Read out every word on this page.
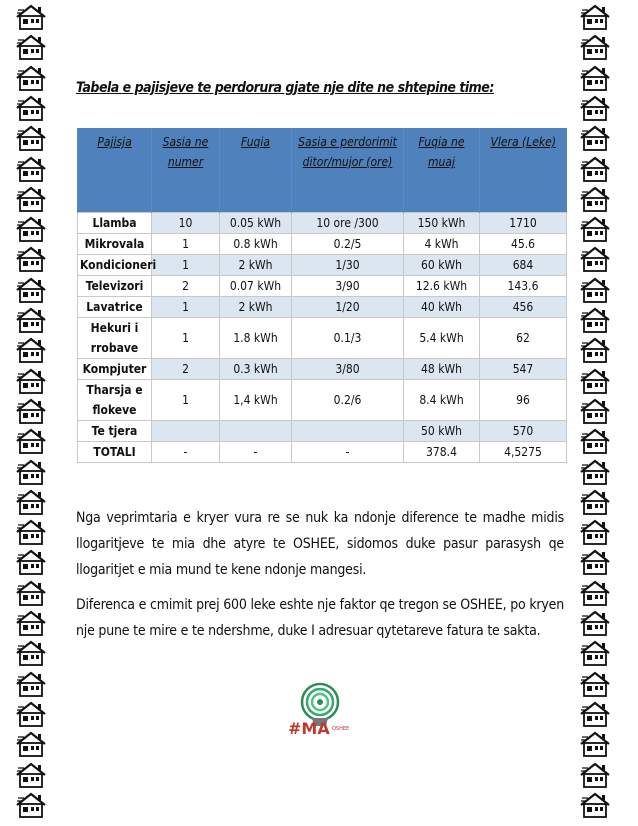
Tabela e pajisjeve te perdorura gjate nje dite ne shtepine time:
Pajisja	Sasia ne numer	Fuqia	Sasia e perdorimit ditor/mujor (ore)	Fuqia ne muaj	Vlera (Leke)
Llamba	10	0.05 kWh	10 ore /300	150 kWh	1710
Mikrovala	1	0.8 kWh	0.2/5	4 kWh	45.6
Kondicioneri	1	2 kWh	1/30	60 kWh	684
Televizori	2	0.07 kWh	3/90	12.6 kWh	143.6
Lavatrice	1	2 kWh	1/20	40 kWh	456
Hekuri i rrobave	1	1.8 kWh	0.1/3	5.4 kWh	62
Kompjuter	2	0.3 kWh	3/80	48 kWh	547
Tharsja e flokeve	1	1,4 kWh	0.2/6	8.4 kWh	96
Te tjera				50 kWh	570
TOTALI	-	-	-	378.4	4,5275
Nga veprimtaria e kryer vura re se nuk ka ndonje diference te madhe midis llogaritjeve te mia dhe atyre te OSHEE, sidomos duke pasur parasysh qe llogaritjet e mia mund te kene ndonje mangesi.
Diferenca e cmimit prej 600 leke eshte nje faktor qe tregon se OSHEE, po kryen nje pune te mire e te ndershme, duke I adresuar qytetareve fatura te sakta.
#MA OSHEE
